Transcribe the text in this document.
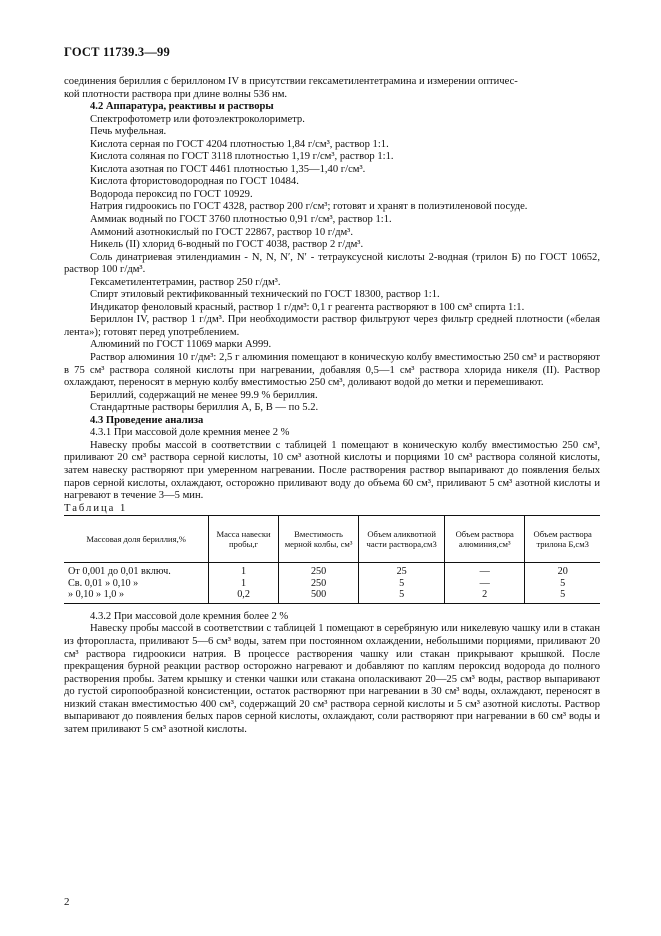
ГОСТ 11739.3—99

соединения бериллия с бериллоном IV в присутствии гексаметилентетрамина и измерении оптичес-

кой плотности раствора при длине волны 536 нм.

4.2 Аппаратура, реактивы и растворы

Спектрофотометр или фотоэлектроколориметр.

Печь муфельная.

Кислота серная по ГОСТ 4204 плотностью 1,84 г/см³, раствор 1:1.

Кислота соляная по ГОСТ 3118 плотностью 1,19 г/см³, раствор 1:1.

Кислота азотная по ГОСТ 4461 плотностью 1,35—1,40 г/см³.

Кислота фтористоводородная по ГОСТ 10484.

Водорода пероксид по ГОСТ 10929.

Натрия гидроокись по ГОСТ 4328, раствор 200 г/см³; готовят и хранят в полиэтиленовой посуде.

Аммиак водный по ГОСТ 3760 плотностью 0,91 г/см³, раствор 1:1.

Аммоний азотнокислый по ГОСТ 22867, раствор 10 г/дм³.

Никель (II) хлорид 6-водный по ГОСТ 4038, раствор 2 г/дм³.

Соль динатриевая этилендиамин - N, N, N′, N′ - тетрауксусной кислоты 2-водная (трилон Б) по ГОСТ 10652, раствор 100 г/дм³.

Гексаметилентетрамин, раствор 250 г/дм³.

Спирт этиловый ректификованный технический по ГОСТ 18300, раствор 1:1.

Индикатор феноловый красный, раствор 1 г/дм³: 0,1 г реагента растворяют в 100 см³ спирта 1:1.

Бериллон IV, раствор 1 г/дм³. При необходимости раствор фильтруют через фильтр средней плотности («белая лента»); готовят перед употреблением.

Алюминий по ГОСТ 11069 марки А999.

Раствор алюминия 10 г/дм³: 2,5 г алюминия помещают в коническую колбу вместимостью 250 см³ и растворяют в 75 см³ раствора соляной кислоты при нагревании, добавляя 0,5—1 см³ раствора хлорида никеля (II). Раствор охлаждают, переносят в мерную колбу вместимостью 250 см³, доливают водой до метки и перемешивают.

Бериллий, содержащий не менее 99.9 % бериллия.

Стандартные растворы бериллия А, Б, В — по 5.2.

4.3 Проведение анализа

4.3.1 При массовой доле кремния менее 2 %

Навеску пробы массой в соответствии с таблицей 1 помещают в коническую колбу вместимостью 250 см³, приливают 20 см³ раствора серной кислоты, 10 см³ азотной кислоты и порциями 10 см³ раствора соляной кислоты, затем навеску растворяют при умеренном нагревании. После растворения раствор выпаривают до появления белых паров серной кислоты, охлаждают, осторожно приливают воду до объема 60 см³, приливают 5 см³ азотной кислоты и нагревают в течение 3—5 мин.

Таблица 1

Массовая доля бериллия,%	Масса навески пробы,г	Вместимость мерной колбы, см³	Объем аликвотной части раствора,см3	Объем раствора алюминия,см³	Объем раствора трилона Б,см3
От 0,001 до 0,01 включ.	1	250	25	—	20
Св. 0,01 » 0,10 »	1	250	5	—	5
» 0,10 » 1,0 »	0,2	500	5	2	5

4.3.2 При массовой доле кремния более 2 %

Навеску пробы массой в соответствии с таблицей 1 помещают в серебряную или никелевую чашку или в стакан из фторопласта, приливают 5—6 см³ воды, затем при постоянном охлаждении, небольшими порциями, приливают 20 см³ раствора гидроокиси натрия. В процессе растворения чашку или стакан прикрывают крышкой. После прекращения бурной реакции раствор осторожно нагревают и добавляют по каплям пероксид водорода до полного растворения пробы. Затем крышку и стенки чашки или стакана ополаскивают 20—25 см³ воды, раствор выпаривают до густой сиропообразной консистенции, остаток растворяют при нагревании в 30 см³ воды, охлаждают, переносят в низкий стакан вместимостью 400 см³, содержащий 20 см³ раствора серной кислоты и 5 см³ азотной кислоты. Раствор выпаривают до появления белых паров серной кислоты, охлаждают, соли растворяют при нагревании в 60 см³ воды и затем приливают 5 см³ азотной кислоты.

2
